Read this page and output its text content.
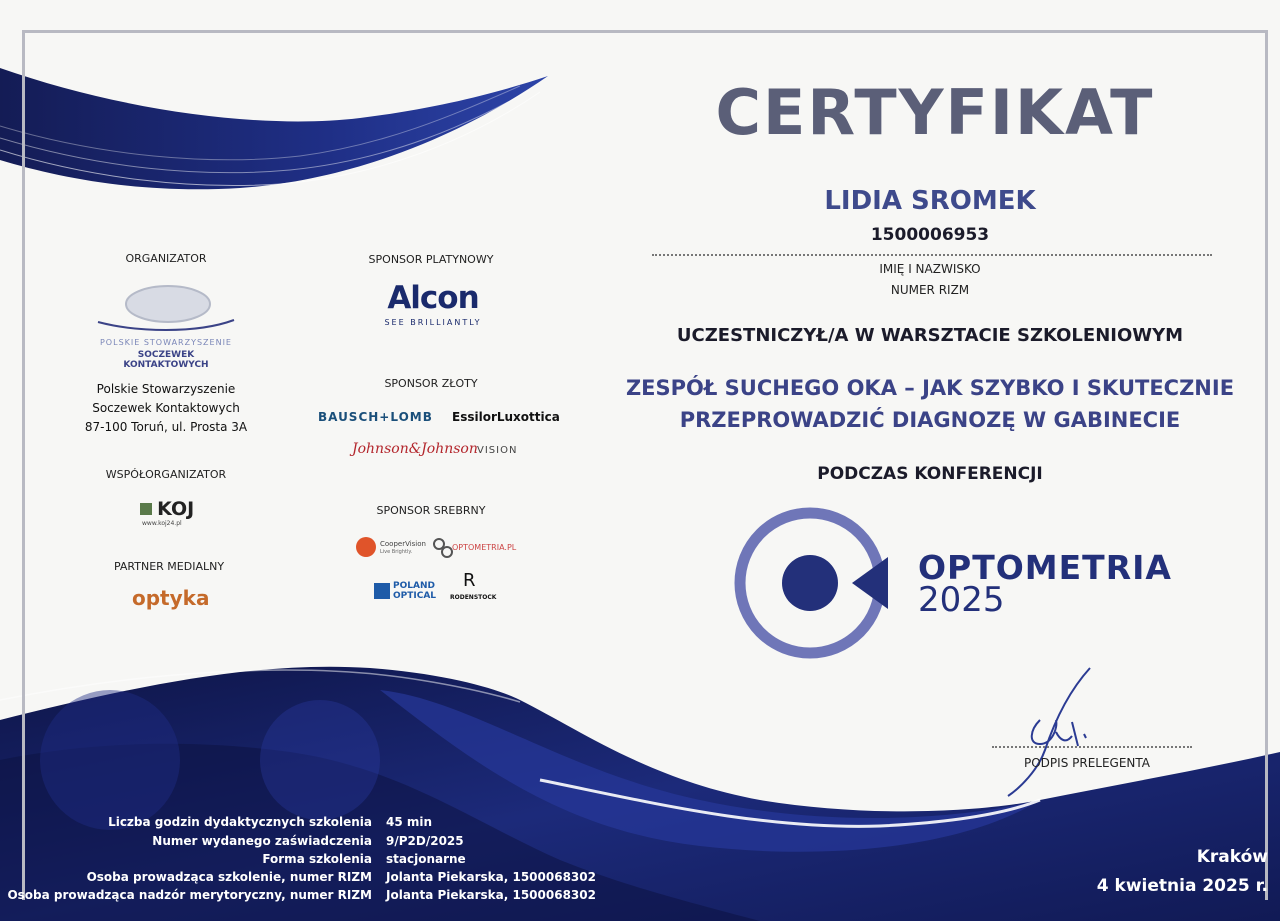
CERTYFIKAT
LIDIA SROMEK
1500006953
IMIĘ I NAZWISKO
NUMER RIZM
UCZESTNICZYŁ/A W WARSZTACIE SZKOLENIOWYM
ZESPÓŁ SUCHEGO OKA – JAK SZYBKO I SKUTECZNIE
PRZEPROWADZIĆ DIAGNOZĘ W GABINECIE
PODCZAS KONFERENCJI
OPTOMETRIA
2025
PODPIS PRELEGENTA
ORGANIZATOR
POLSKIE STOWARZYSZENIE
SOCZEWEK KONTAKTOWYCH
Polskie Stowarzyszenie
Soczewek Kontaktowych
87-100 Toruń, ul. Prosta 3A
WSPÓŁORGANIZATOR
KOJ
www.koj24.pl
PARTNER MEDIALNY
optyka
SPONSOR PLATYNOWY
Alcon
SEE BRILLIANTLY
SPONSOR ZŁOTY
BAUSCH+LOMB EssilorLuxottica
Johnson&Johnson VISION
SPONSOR SREBRNY
CooperVision
Live Brightly.	OPTOMETRIA.PL
POLAND
OPTICAL
R
RODENSTOCK
Liczba godzin dydaktycznych szkolenia 45 min
Numer wydanego zaświadczenia 9/P2D/2025
Forma szkolenia stacjonarne
Osoba prowadząca szkolenie, numer RIZM Jolanta Piekarska, 1500068302
Osoba prowadząca nadzór merytoryczny, numer RIZM Jolanta Piekarska, 1500068302
Kraków
4 kwietnia 2025 r.
